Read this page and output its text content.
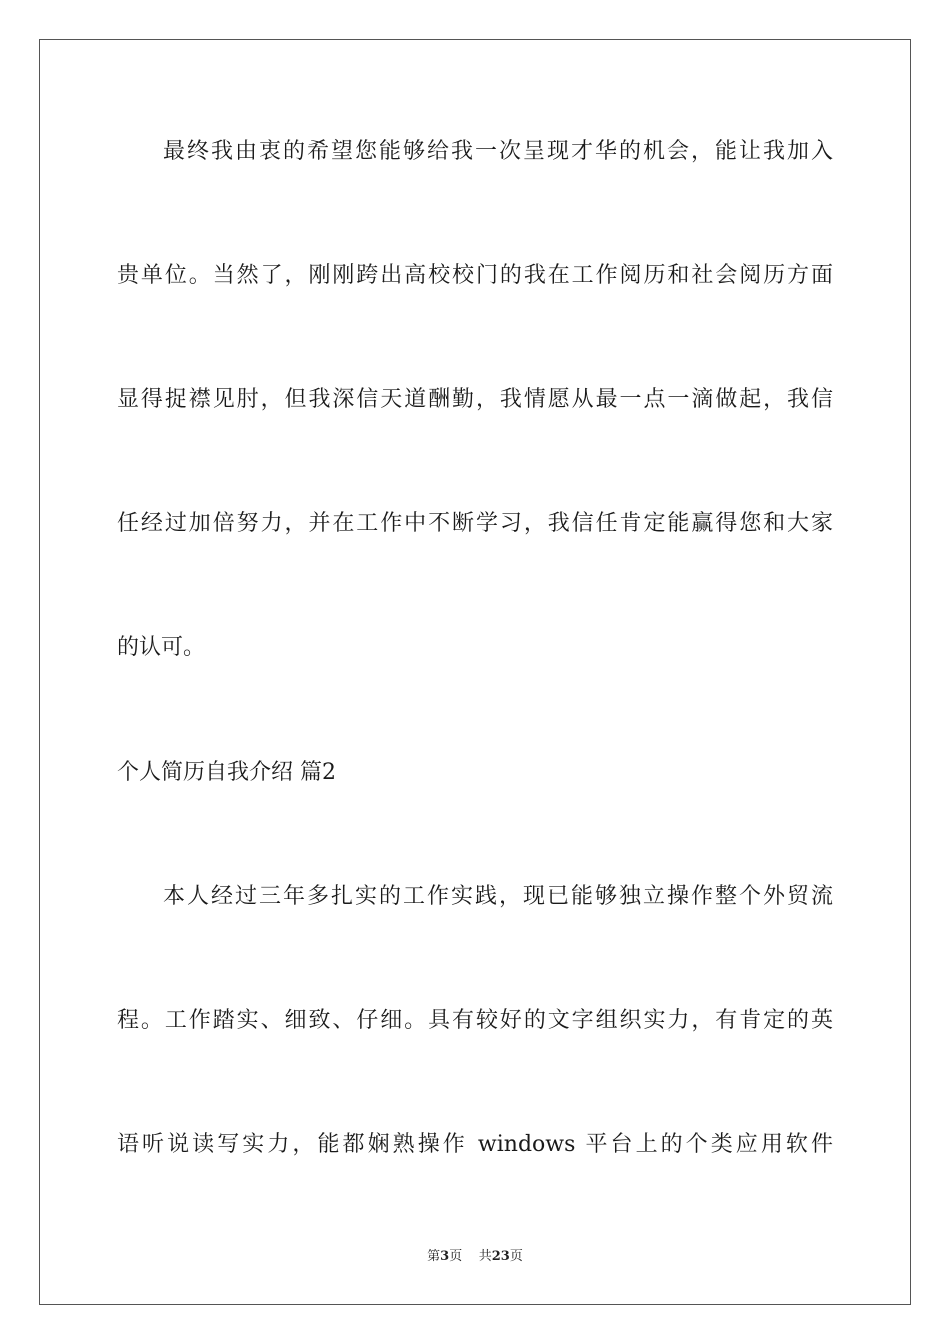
最终我由衷的希望您能够给我一次呈现才华的机会，能让我加入
贵单位。当然了，刚刚跨出高校校门的我在工作阅历和社会阅历方面
显得捉襟见肘，但我深信天道酬勤，我情愿从最一点一滴做起，我信
任经过加倍努力，并在工作中不断学习，我信任肯定能赢得您和大家
的认可。
个人简历自我介绍 篇2
本人经过三年多扎实的工作实践，现已能够独立操作整个外贸流
程。工作踏实、细致、仔细。具有较好的文字组织实力，有肯定的英
语听说读写实力，能都娴熟操作 windows 平台上的个类应用软件
第3页 共23页
